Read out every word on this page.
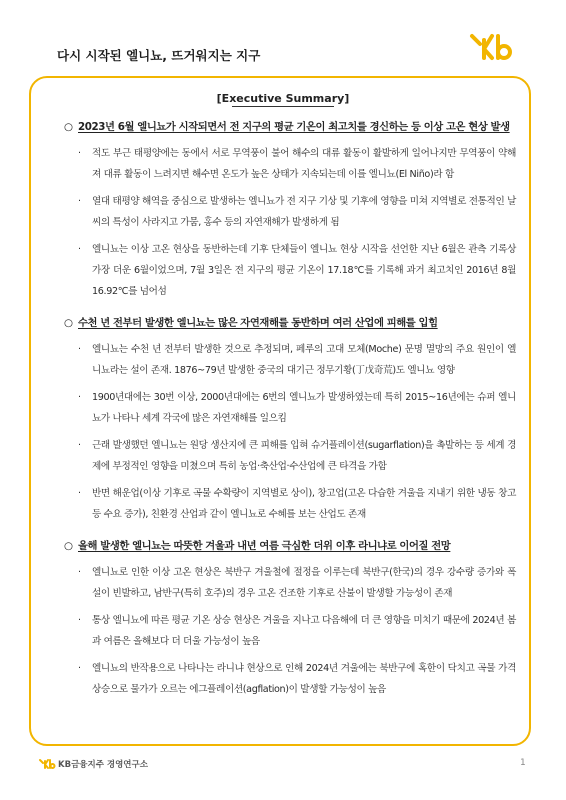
다시 시작된 엘니뇨, 뜨거워지는 지구
[Executive Summary]
○ 2023년 6월 엘니뇨가 시작되면서 전 지구의 평균 기온이 최고치를 경신하는 등 이상 고온 현상 발생
· 적도 부근 태평양에는 동에서 서로 무역풍이 불어 해수의 대류 활동이 활발하게 일어나지만 무역풍이 약해져 대류 활동이 느려지면 해수면 온도가 높은 상태가 지속되는데 이를 엘니뇨(El Niño)라 함
· 열대 태평양 해역을 중심으로 발생하는 엘니뇨가 전 지구 기상 및 기후에 영향을 미쳐 지역별로 전통적인 날씨의 특성이 사라지고 가뭄, 홍수 등의 자연재해가 발생하게 됨
· 엘니뇨는 이상 고온 현상을 동반하는데 기후 단체들이 엘니뇨 현상 시작을 선언한 지난 6월은 관측 기록상 가장 더운 6월이었으며, 7월 3일은 전 지구의 평균 기온이 17.18℃를 기록해 과거 최고치인 2016년 8월 16.92℃를 넘어섬
○ 수천 년 전부터 발생한 엘니뇨는 많은 자연재해를 동반하며 여러 산업에 피해를 입힘
· 엘니뇨는 수천 년 전부터 발생한 것으로 추정되며, 페루의 고대 모체(Moche) 문명 멸망의 주요 원인이 엘니뇨라는 설이 존재. 1876~79년 발생한 중국의 대기근 정무기황(丁戊奇荒)도 엘니뇨 영향
· 1900년대에는 30번 이상, 2000년대에는 6번의 엘니뇨가 발생하였는데 특히 2015~16년에는 슈퍼 엘니뇨가 나타나 세계 각국에 많은 자연재해를 일으킴
· 근래 발생했던 엘니뇨는 원당 생산지에 큰 피해를 입혀 슈거플레이션(sugarflation)을 촉발하는 등 세계 경제에 부정적인 영향을 미쳤으며 특히 농업·축산업·수산업에 큰 타격을 가함
· 반면 해운업(이상 기후로 곡물 수확량이 지역별로 상이), 창고업(고온 다습한 겨울을 지내기 위한 냉동 창고 등 수요 증가), 친환경 산업과 같이 엘니뇨로 수혜를 보는 산업도 존재
○ 올해 발생한 엘니뇨는 따뜻한 겨울과 내년 여름 극심한 더위 이후 라니냐로 이어질 전망
· 엘니뇨로 인한 이상 고온 현상은 북반구 겨울철에 절정을 이루는데 북반구(한국)의 경우 강수량 증가와 폭설이 빈발하고, 남반구(특히 호주)의 경우 고온 건조한 기후로 산불이 발생할 가능성이 존재
· 통상 엘니뇨에 따른 평균 기온 상승 현상은 겨울을 지나고 다음해에 더 큰 영향을 미치기 때문에 2024년 봄과 여름은 올해보다 더 더울 가능성이 높음
· 엘니뇨의 반작용으로 나타나는 라니냐 현상으로 인해 2024년 겨울에는 북반구에 혹한이 닥치고 곡물 가격 상승으로 물가가 오르는 에그플레이션(agflation)이 발생할 가능성이 높음
KB금융지주 경영연구소	1
